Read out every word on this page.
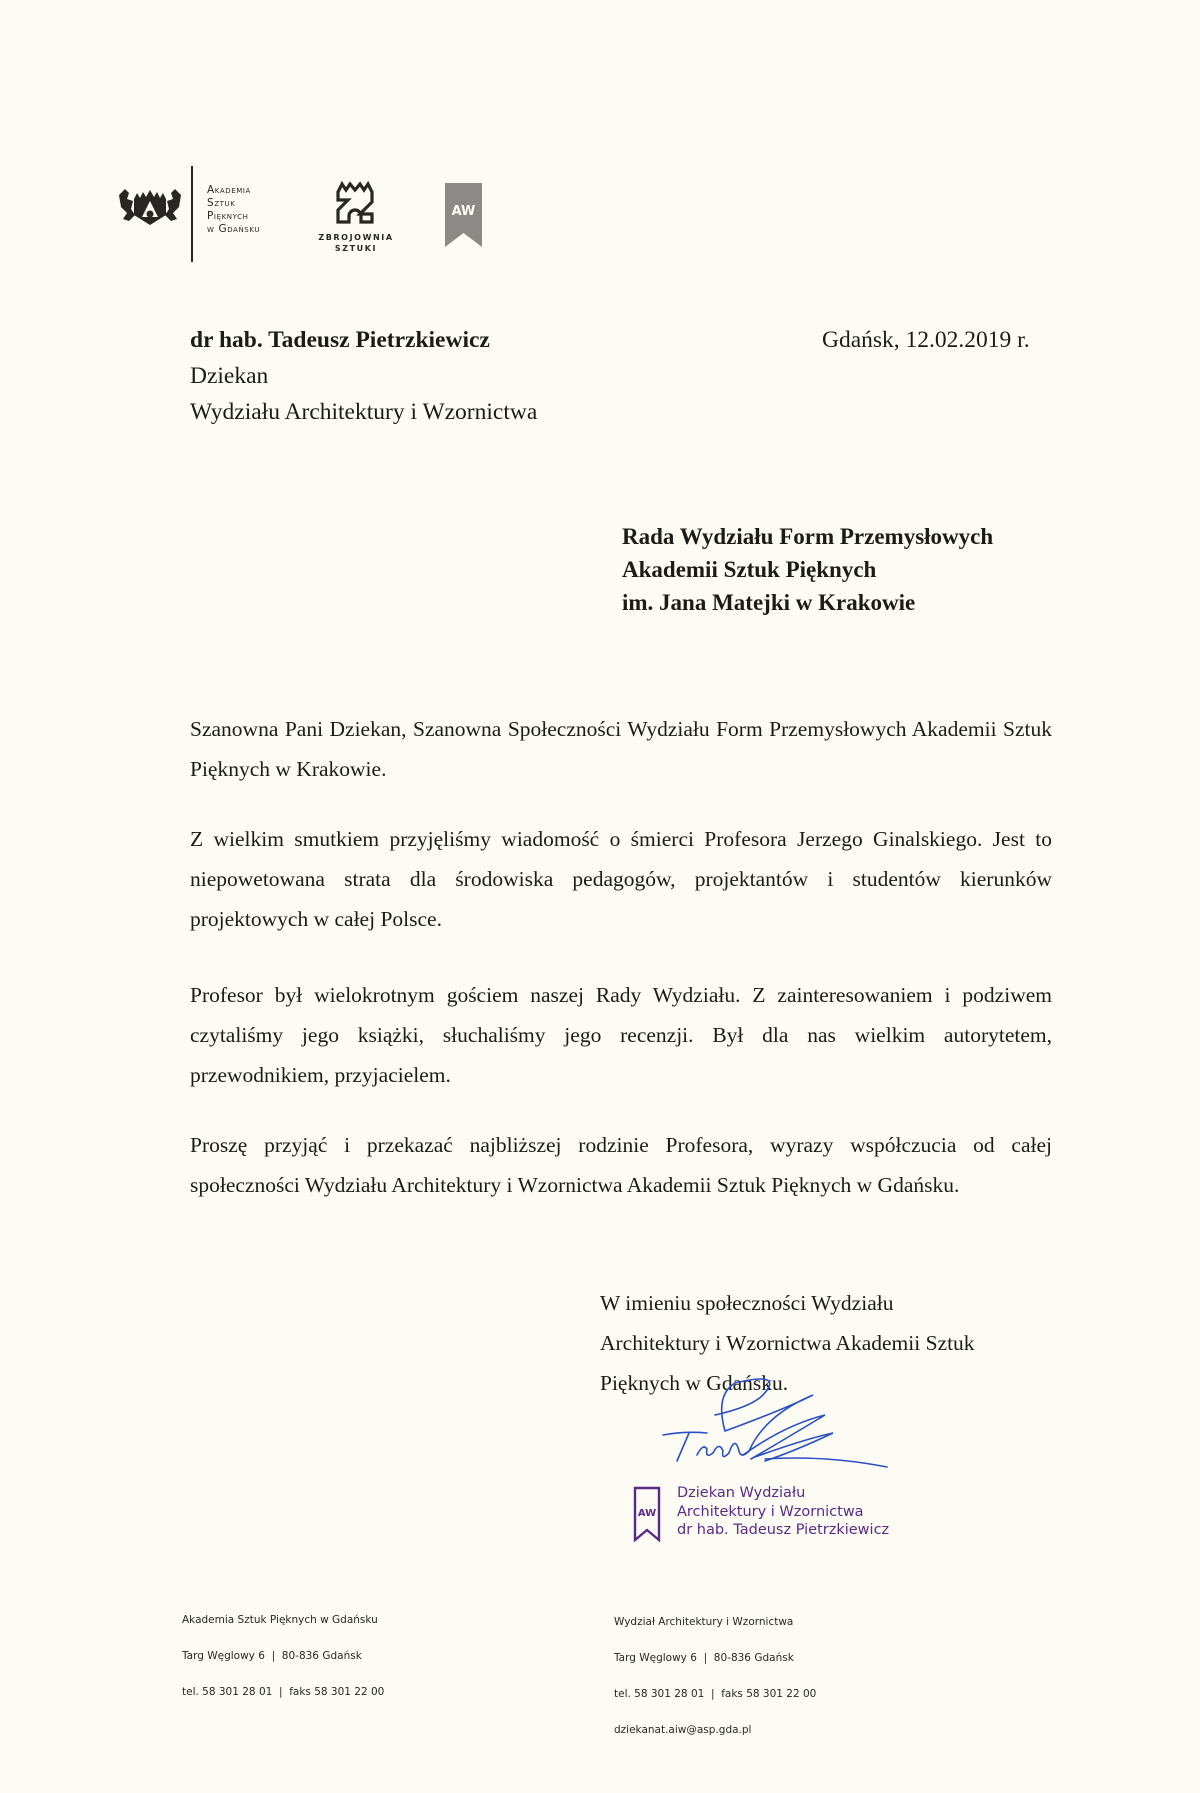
Akademia
Sztuk
Pięknych
w Gdańsku
ZBROJOWNIA
SZTUKI
AW
dr hab. Tadeusz Pietrzkiewicz
Dziekan
Wydziału Architektury i Wzornictwa
Gdańsk, 12.02.2019 r.
Rada Wydziału Form Przemysłowych
Akademii Sztuk Pięknych
im. Jana Matejki w Krakowie

Szanowna Pani Dziekan, Szanowna Społeczności Wydziału Form Przemysłowych Akademii Sztuk Pięknych w Krakowie.

Z wielkim smutkiem przyjęliśmy wiadomość o śmierci Profesora Jerzego Ginalskiego. Jest to niepowetowana strata dla środowiska pedagogów, projektantów i studentów kierunków projektowych w całej Polsce.

Profesor był wielokrotnym gościem naszej Rady Wydziału. Z zainteresowaniem i podziwem czytaliśmy jego książki, słuchaliśmy jego recenzji. Był dla nas wielkim autorytetem, przewodnikiem, przyjacielem.

Proszę przyjąć i przekazać najbliższej rodzinie Profesora, wyrazy współczucia od całej społeczności Wydziału Architektury i Wzornictwa Akademii Sztuk Pięknych w Gdańsku.

W imieniu społeczności Wydziału
Architektury i Wzornictwa Akademii Sztuk
Pięknych w Gdańsku.
AW
Dziekan Wydziału
Architektury i Wzornictwa
dr hab. Tadeusz Pietrzkiewicz
Akademia Sztuk Pięknych w Gdańsku
Targ Węglowy 6  |  80-836 Gdańsk
tel. 58 301 28 01  |  faks 58 301 22 00
Wydział Architektury i Wzornictwa
Targ Węglowy 6  |  80-836 Gdańsk
tel. 58 301 28 01  |  faks 58 301 22 00
dziekanat.aiw@asp.gda.pl
